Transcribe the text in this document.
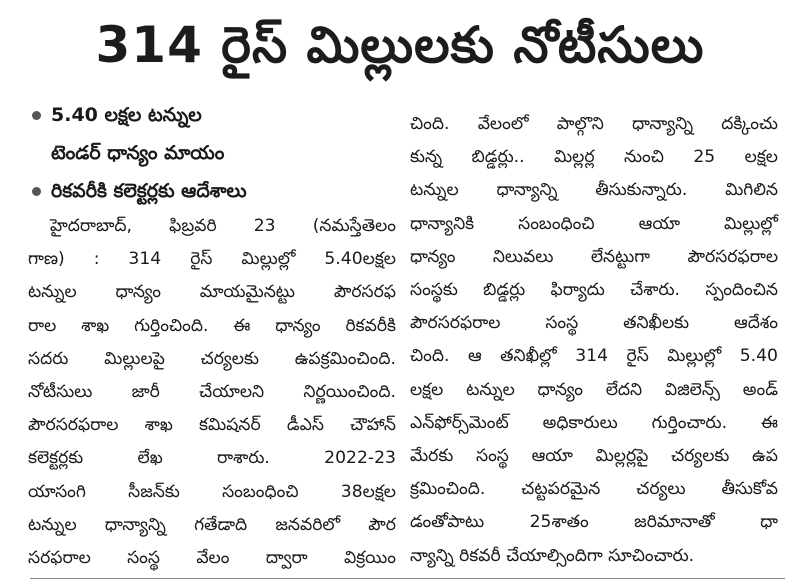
314 రైస్ మిల్లులకు నోటీసులు
5.40 లక్షల టన్నుల
టెండర్ ధాన్యం మాయం
రికవరీకి కలెక్టర్లకు ఆదేశాలు
హైదరాబాద్, ఫిబ్రవరి 23 (నమస్తేతెలం
గాణ) : 314 రైస్ మిల్లుల్లో 5.40లక్షల
టన్నుల ధాన్యం మాయమైనట్టు పౌరసరఫ
రాల శాఖ గుర్తించింది. ఈ ధాన్యం రికవరీకి
సదరు మిల్లులపై చర్యలకు ఉపక్రమించింది.
నోటీసులు జారీ చేయాలని నిర్ణయించింది.
పౌరసరఫరాల శాఖ కమిషనర్ డీఎస్ చౌహాన్
కలెక్టర్లకు లేఖ రాశారు. 2022-23
యాసంగి సీజన్‌కు సంబంధించి 38లక్షల
టన్నుల ధాన్యాన్ని గతేడాది జనవరిలో పౌర
సరఫరాల సంస్థ వేలం ద్వారా విక్రయిం
చింది. వేలంలో పాల్గొని ధాన్యాన్ని దక్కించు
కున్న బిడ్డర్లు.. మిల్లర్ల నుంచి 25 లక్షల
టన్నుల ధాన్యాన్ని తీసుకున్నారు. మిగిలిన
ధాన్యానికి సంబంధించి ఆయా మిల్లుల్లో
ధాన్యం నిలువలు లేనట్టుగా పౌరసరఫరాల
సంస్థకు బిడ్డర్లు ఫిర్యాదు చేశారు. స్పందించిన
పౌరసరఫరాల సంస్థ తనిఖీలకు ఆదేశం
చింది. ఆ తనిఖీల్లో 314 రైస్ మిల్లుల్లో 5.40
లక్షల టన్నుల ధాన్యం లేదని విజిలెన్స్ అండ్
ఎన్‌ఫోర్స్‌మెంట్ అధికారులు గుర్తించారు. ఈ
మేరకు సంస్థ ఆయా మిల్లర్లపై చర్యలకు ఉప
క్రమించింది. చట్టపరమైన చర్యలు తీసుకోవ
డంతోపాటు 25శాతం జరిమానాతో ధా
న్యాన్ని రికవరీ చేయాల్సిందిగా సూచించారు.
